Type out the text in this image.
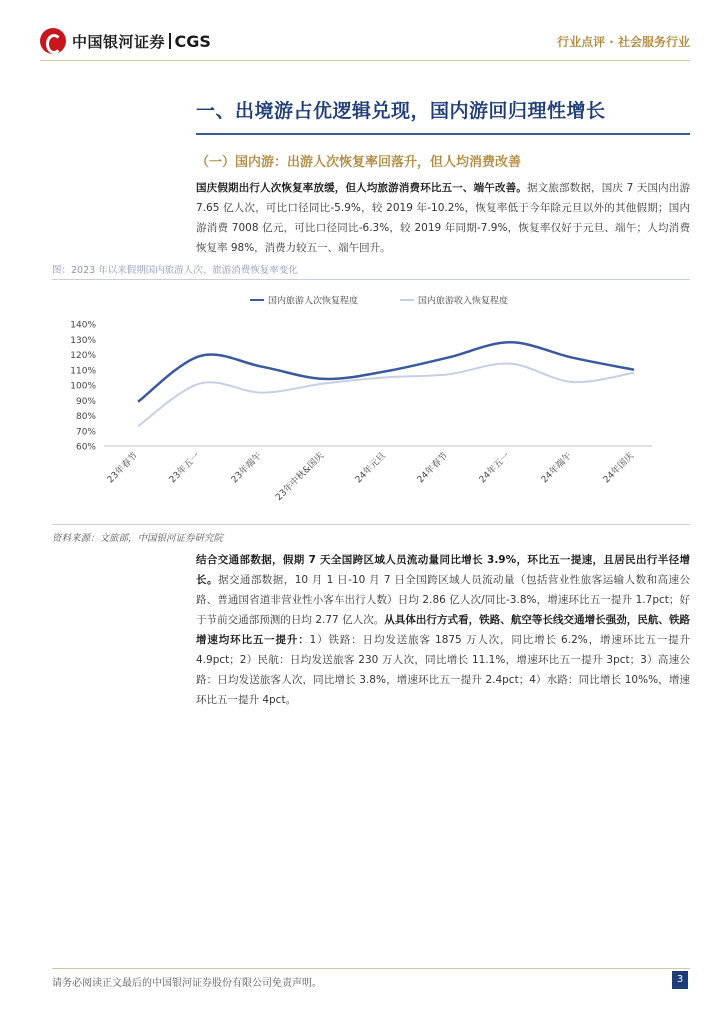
中国银河证券 CGS	行业点评 · 社会服务行业
一、出境游占优逻辑兑现，国内游回归理性增长
（一）国内游：出游人次恢复率回落升，但人均消费改善
国庆假期出行人次恢复率放缓，但人均旅游消费环比五一、端午改善。据文旅部数据，国庆 7 天国内出游 7.65 亿人次，可比口径同比-5.9%，较 2019 年-10.2%，恢复率低于今年除元旦以外的其他假期；国内游消费 7008 亿元，可比口径同比-6.3%，较 2019 年同期-7.9%，恢复率仅好于元旦、端午；人均消费恢复率 98%，消费力较五一、端午回升。
图：2023 年以来假期国内旅游人次、旅游消费恢复率变化
国内旅游人次恢复程度	国内旅游收入恢复程度
140%
130%
120%
110%
100%
90%
80%
70%
60%
23年春节	23年五一	23年端午 23年中秋&国庆	24年元旦	24年春节	24年五一	24年端午	24年国庆
资料来源：文旅部，中国银河证券研究院
结合交通部数据，假期 7 天全国跨区域人员流动量同比增长 3.9%，环比五一提速，且居民出行半径增长。据交通部数据，10 月 1 日-10 月 7 日全国跨区域人员流动量（包括营业性旅客运输人数和高速公路、普通国省道非营业性小客车出行人数）日均 2.86 亿人次/同比-3.8%，增速环比五一提升 1.7pct；好于节前交通部预测的日均 2.77 亿人次。从具体出行方式看，铁路、航空等长线交通增长强劲，民航、铁路增速均环比五一提升：1）铁路：日均发送旅客 1875 万人次，同比增长 6.2%，增速环比五一提升 4.9pct；2）民航：日均发送旅客 230 万人次，同比增长 11.1%，增速环比五一提升 3pct；3）高速公路：日均发送旅客人次，同比增长 3.8%，增速环比五一提升 2.4pct；4）水路：同比增长 10%%，增速环比五一提升 4pct。
请务必阅读正文最后的中国银河证券股份有限公司免责声明。	3
